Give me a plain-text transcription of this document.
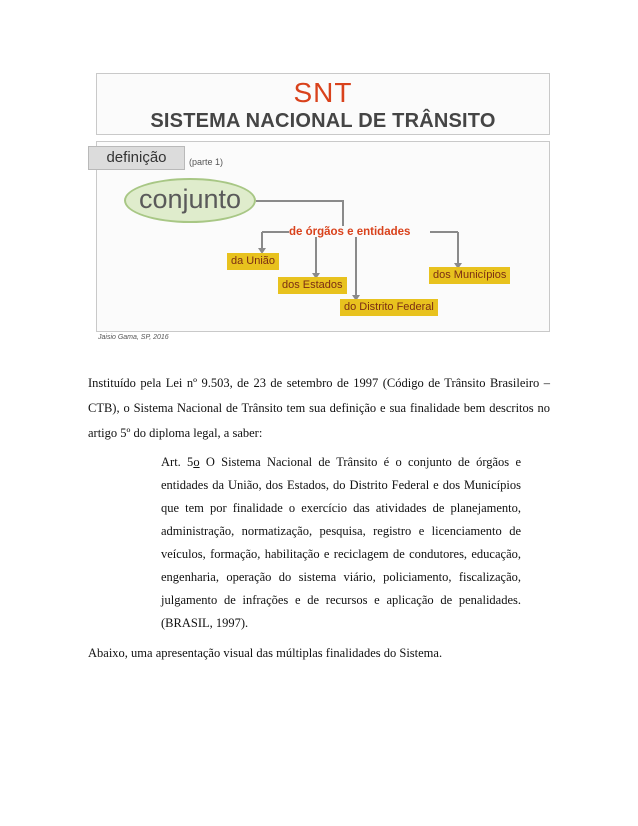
SNT
SISTEMA NACIONAL DE TRÂNSITO
definição	(parte 1)
conjunto
de órgãos e entidades
da União
dos Estados
do Distrito Federal
dos Municípios
Jaisio Gama, SP, 2016

Instituído pela Lei nº 9.503, de 23 de setembro de 1997 (Código de Trânsito Brasileiro – CTB), o Sistema Nacional de Trânsito tem sua definição e sua finalidade bem descritos no artigo 5º do diploma legal, a saber:

Art. 5o O Sistema Nacional de Trânsito é o conjunto de órgãos e entidades da União, dos Estados, do Distrito Federal e dos Municípios que tem por finalidade o exercício das atividades de planejamento, administração, normatização, pesquisa, registro e licenciamento de veículos, formação, habilitação e reciclagem de condutores, educação, engenharia, operação do sistema viário, policiamento, fiscalização, julgamento de infrações e de recursos e aplicação de penalidades. (BRASIL, 1997).

Abaixo, uma apresentação visual das múltiplas finalidades do Sistema.
